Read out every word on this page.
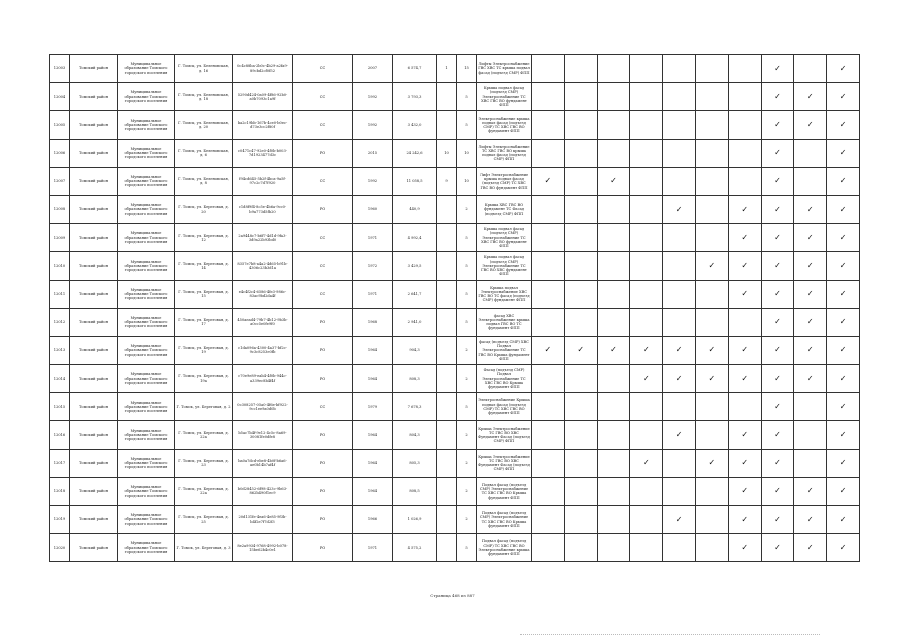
12003	Томский район	Муниципальное образование Томского городского поселения	Г. Томск, ул. Беленовская, д. 16	0c4c88ba-2b0c-4b29-a2fa9-89cbd2cf0f52	СС	2007	6 574,7	1	15	Лифты Электроснабжение ГВС ХВС ТС крыша подвал фасад (подъезд СМР) ФПП								✓		✓
12004	Томский район	Муниципальное образование Томского городского поселения	Г. Томск, ул. Беленовская, д. 18	5290d424-0a09-4f86-92b0-a0b7093c1a9f	СС	1992	3 793,3		5	Крыша подвал фасад (подъезд СМР) Электроснабжение ТС ХВС ГВС ВО фундамент ФПП								✓	✓	✓
12005	Томский район	Муниципальное образование Томского городского поселения	Г. Томск, ул. Беленовская, д. 20	ba2c19bb-167b-4ce0-b0ec-d73e3cc2f80f	СС	1992	3 432,0		5	Электроснабжение крыша подвал фасад (подъезд СМР) ТС ХВС ГВС ВО фундамент ФПП								✓	✓	✓
12006	Томский район	Муниципальное образование Томского городского поселения	Г. Томск, ул. Беленовская, д. 6	c0471c47-92e0-4f0b-b003-7d1923477d3c	РО	2015	24 242,6	10	10	Лифты Электроснабжение ТС ХВС ГВС ВО крыша подвал фасад (подъезд СМР) ФПП								✓		✓
12007	Томский район	Муниципальное образование Томского городского поселения	Г. Томск, ул. Беленовская, д. 8	f94cd645-5b2f-4bca-9a5f-97c2c7d7f920	СС	1992	11 058,5	9	10	Лифт Электроснабжение крыша подвал фасад (подъезд СМР) ТС ХВС ГВС ВО фундамент ФПП	✓		✓					✓		✓
12008	Томский район	Муниципальное образование Томского городского поселения	Г. Томск, ул. Береговая, д. 20	c1d8f9f4-8c5e-4b6a-9cc0-b9a773d5fb20	РО	1960	440,9		2	Крыша ХВС ГВС ВО фундамент ТС Фасад (подъезд СМР) ФПП					✓		✓	✓	✓	✓
12009	Томский район	Муниципальное образование Томского городского поселения	Г. Томск, ул. Береговая, д. 12	2a9448c7-b6f7-4d1d-9fa3-3d9a22b93bd0	СС	1971	4 992,4		5	Крыша подвал фасад (подъезд СМР) Электроснабжение ТС ХВС ГВС ВО фундамент ФПП							✓	✓	✓	✓
12010	Томский район	Муниципальное образование Томского городского поселения	Г. Томск, ул. Береговая, д. 14	8357e7b8-a4a2-4d65-b91b-4306c23b3d1a	СС	1972	3 429,5		5	Крыша подвал фасад (подъезд СМР) Электроснабжение ТС ГВС ВО ХВС фундамент ФПП						✓	✓	✓	✓	✓
12011	Томский район	Муниципальное образование Томского городского поселения	Г. Томск, ул. Береговая, д. 15	e4c4f2c4-6586-4fe3-986c-83ac9bd2da4f	СС	1971	2 641,7		5	Крыша подвал Электроснабжение ХВС ГВС ВО ТС фасад (подъезд СМР) фундамент ФПП							✓	✓	✓	✓
12012	Томский район	Муниципальное образование Томского городского поселения	Г. Томск, ул. Береговая, д. 17	450aead4-79b7-4b12-9b3b-a0cc5e0fe9f0	РО	1968	2 941,0		5	фасад ХВС Электроснабжение крыша подвал ГВС ВО ТС фундамент ФПП								✓	✓	✓
12013	Томский район	Муниципальное образование Томского городского поселения	Г. Томск, ул. Береговая, д. 19	c1da096a-4300-4a37-bf2c-9c3c8253e0fb	РО	1964	904,3		2	фасад (подъезд СМР) ХВС Подвал Электроснабжение ТС ГВС ВО Крыша фундамент ФПП	✓	✓	✓	✓	✓	✓	✓	✓	✓	✓
12014	Томский район	Муниципальное образование Томского городского поселения	Г. Томск, ул. Береговая, д. 19а	c70e9e89-eab4-4f0b-944c-a339ec8b4f4f	РО	1964	808,3		2	Фасад (подъезд СМР) Подвал Электроснабжение ТС ХВС ГВС ВО Крыша фундамент ФПП				✓	✓	✓	✓	✓	✓	✓
12015	Томский район	Муниципальное образование Томского городского поселения	Г. Томск, ул. Береговая, д. 2	0c308257-05a0-4f6e-bf922-9cc1ee9a0d0b	СС	1979	7 678,3		5	Электроснабжение Крыша подвал фасад (подъезд СМР) ТС ХВС ГВС ВО фундамент ФПП								✓		✓
12016	Томский район	Муниципальное образование Томского городского поселения	Г. Томск, ул. Береговая, д. 22а	b5ac7b4f-9e12-4c5c-8a69-30081fe0dfe8	РО	1964	804,3		2	Крыша Электроснабжение ТС ГВС ВО ХВС Фундамент Фасад (подъезд СМР) ФПП					✓		✓	✓		✓
12017	Томский район	Муниципальное образование Томского городского поселения	Г. Томск, ул. Береговая, д. 23	ba0a7dcd-ebe8-4b0f-b6a6-ae0b14b7af4f	РО	1964	805,3		2	Крыша Электроснабжение ТС ГВС ВО ХВС Фундамент Фасад (подъезд СМР) ФПП				✓		✓	✓	✓		✓
12018	Томский район	Муниципальное образование Томского городского поселения	Г. Томск, ул. Береговая, д. 22а	b0d28452-6f98-423c-9b63-862b490f1ec9	РО	1964	808,5		2	Подвал фасад (подъезд СМР) Электроснабжение ТС ХВС ГВС ВО Крыша фундамент ФПП							✓	✓	✓	✓
12019	Томский район	Муниципальное образование Томского городского поселения	Г. Томск, ул. Береговая, д. 25	20d131fe-4ea6-4e85-9f3b-b4f2e7f7d2f3	РО	1966	1 026,9		2	Подвал фасад (подъезд СМР) Электроснабжение ТС ХВС ГВС ВО Крыша фундамент ФПП					✓		✓	✓	✓	✓
12020	Томский район	Муниципальное образование Томского городского поселения	Г. Томск, ул. Береговая, д. 3	8e2a9934-9768-4992-b078-15be62b4c0e1	РО	1971	4 575,2		5	Подвал фасад (подъезд СМР) ТС ХВС ГВС ВО Электроснабжение крыша фундамент ФПП							✓	✓	✓	✓
Страница 468 из 887
